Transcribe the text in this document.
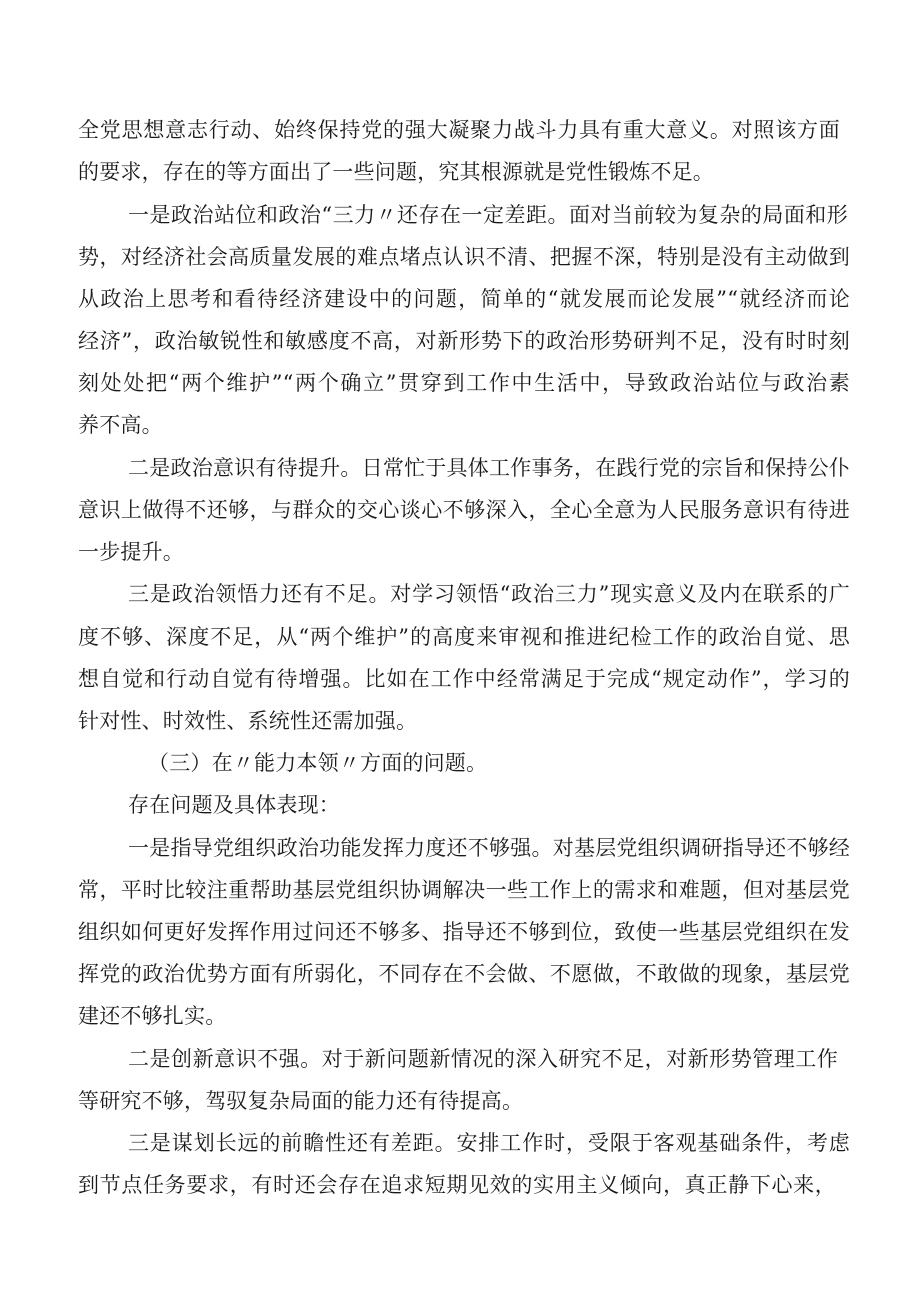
全党思想意志行动、始终保持党的强大凝聚力战斗力具有重大意义。对照该方面
的要求，存在的等方面出了一些问题，究其根源就是党性锻炼不足。
一是政治站位和政治“三力〃还存在一定差距。面对当前较为复杂的局面和形
势，对经济社会高质量发展的难点堵点认识不清、把握不深，特别是没有主动做到
从政治上思考和看待经济建设中的问题，简单的“就发展而论发展”“就经济而论
经济”，政治敏锐性和敏感度不高，对新形势下的政治形势研判不足，没有时时刻
刻处处把“两个维护”“两个确立”贯穿到工作中生活中，导致政治站位与政治素
养不高。
二是政治意识有待提升。日常忙于具体工作事务，在践行党的宗旨和保持公仆
意识上做得不还够，与群众的交心谈心不够深入，全心全意为人民服务意识有待进
一步提升。
三是政治领悟力还有不足。对学习领悟“政治三力”现实意义及内在联系的广
度不够、深度不足，从“两个维护”的高度来审视和推进纪检工作的政治自觉、思
想自觉和行动自觉有待增强。比如在工作中经常满足于完成“规定动作”，学习的
针对性、时效性、系统性还需加强。
（三）在〃能力本领〃方面的问题。
存在问题及具体表现：
一是指导党组织政治功能发挥力度还不够强。对基层党组织调研指导还不够经
常，平时比较注重帮助基层党组织协调解决一些工作上的需求和难题，但对基层党
组织如何更好发挥作用过问还不够多、指导还不够到位，致使一些基层党组织在发
挥党的政治优势方面有所弱化，不同存在不会做、不愿做，不敢做的现象，基层党
建还不够扎实。
二是创新意识不强。对于新问题新情况的深入研究不足，对新形势管理工作
等研究不够，驾驭复杂局面的能力还有待提高。
三是谋划长远的前瞻性还有差距。安排工作时，受限于客观基础条件，考虑
到节点任务要求，有时还会存在追求短期见效的实用主义倾向，真正静下心来，
